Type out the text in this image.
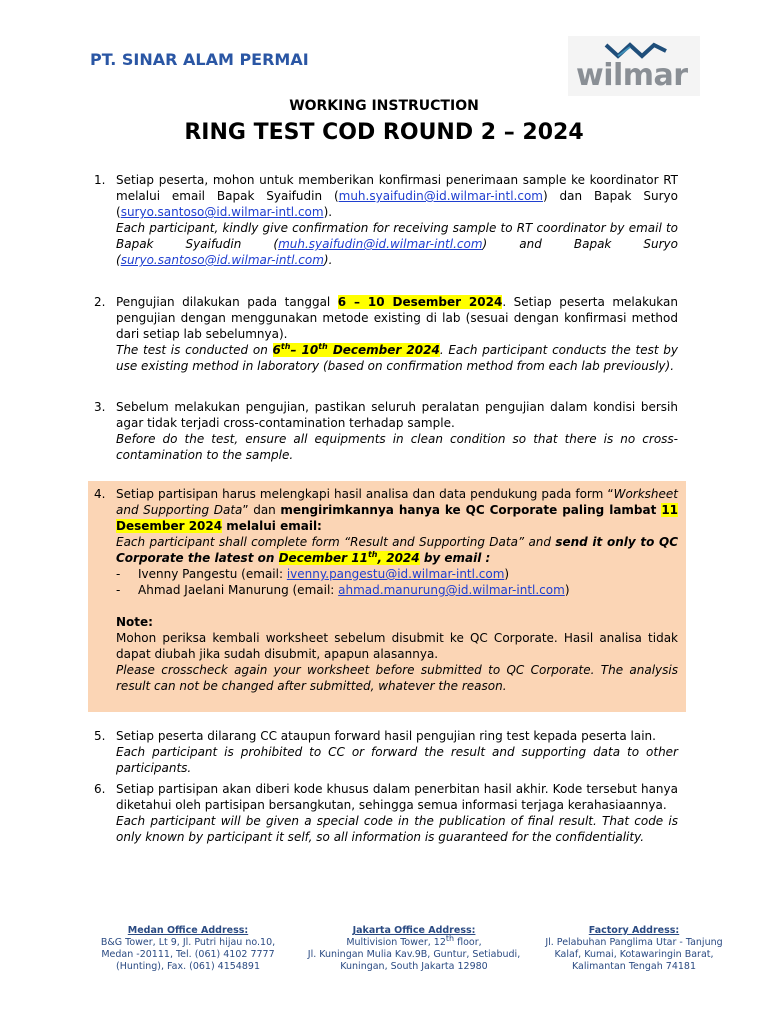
PT. SINAR ALAM PERMAI	wilmar
WORKING INSTRUCTION
RING TEST COD ROUND 2 – 2024
1. Setiap peserta, mohon untuk memberikan konfirmasi penerimaan sample ke koordinator RT melalui email Bapak Syaifudin (muh.syaifudin@id.wilmar-intl.com) dan Bapak Suryo (suryo.santoso@id.wilmar-intl.com).
Each participant, kindly give confirmation for receiving sample to RT coordinator by email to Bapak Syaifudin (muh.syaifudin@id.wilmar-intl.com) and Bapak Suryo (suryo.santoso@id.wilmar-intl.com).
2. Pengujian dilakukan pada tanggal 6 – 10 Desember 2024. Setiap peserta melakukan pengujian dengan menggunakan metode existing di lab (sesuai dengan konfirmasi method dari setiap lab sebelumnya).
The test is conducted on 6th– 10th December 2024. Each participant conducts the test by use existing method in laboratory (based on confirmation method from each lab previously).
3. Sebelum melakukan pengujian, pastikan seluruh peralatan pengujian dalam kondisi bersih agar tidak terjadi cross-contamination terhadap sample.
Before do the test, ensure all equipments in clean condition so that there is no cross-contamination to the sample.
4. Setiap partisipan harus melengkapi hasil analisa dan data pendukung pada form “Worksheet and Supporting Data” dan mengirimkannya hanya ke QC Corporate paling lambat 11 Desember 2024 melalui email:
Each participant shall complete form “Result and Supporting Data” and send it only to QC Corporate the latest on December 11th, 2024 by email :
- Ivenny Pangestu (email: ivenny.pangestu@id.wilmar-intl.com)
- Ahmad Jaelani Manurung (email: ahmad.manurung@id.wilmar-intl.com)
Note:
Mohon periksa kembali worksheet sebelum disubmit ke QC Corporate. Hasil analisa tidak dapat diubah jika sudah disubmit, apapun alasannya.
Please crosscheck again your worksheet before submitted to QC Corporate. The analysis result can not be changed after submitted, whatever the reason.
5. Setiap peserta dilarang CC ataupun forward hasil pengujian ring test kepada peserta lain.
Each participant is prohibited to CC or forward the result and supporting data to other participants.
6. Setiap partisipan akan diberi kode khusus dalam penerbitan hasil akhir. Kode tersebut hanya diketahui oleh partisipan bersangkutan, sehingga semua informasi terjaga kerahasiaannya.
Each participant will be given a special code in the publication of final result. That code is only known by participant it self, so all information is guaranteed for the confidentiality.
Medan Office Address:
B&G Tower, Lt 9, Jl. Putri hijau no.10,
Medan -20111, Tel. (061) 4102 7777
(Hunting), Fax. (061) 4154891
Jakarta Office Address:
Multivision Tower, 12th floor,
Jl. Kuningan Mulia Kav.9B, Guntur, Setiabudi,
Kuningan, South Jakarta 12980
Factory Address:
Jl. Pelabuhan Panglima Utar - Tanjung
Kalaf, Kumai, Kotawaringin Barat,
Kalimantan Tengah 74181
